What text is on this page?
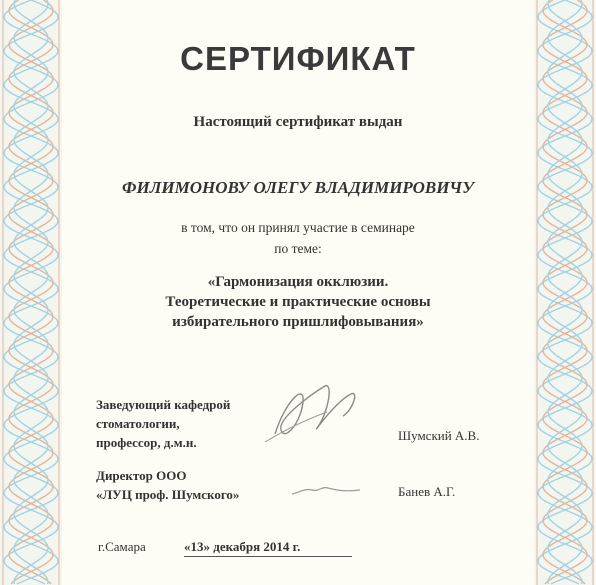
СЕРТИФИКАТ
Настоящий сертификат выдан
ФИЛИМОНОВУ ОЛЕГУ ВЛАДИМИРОВИЧУ
в том, что он принял участие в семинаре
по теме:
«Гармонизация окклюзии.
Теоретические и практические основы
избирательного пришлифовывания»
Заведующий кафедрой
стоматологии,
профессор, д.м.н.	Шумский А.В.
Директор ООО
«ЛУЦ проф. Шумского»	Банев А.Г.
г.Самара	«13» декабря 2014 г.
